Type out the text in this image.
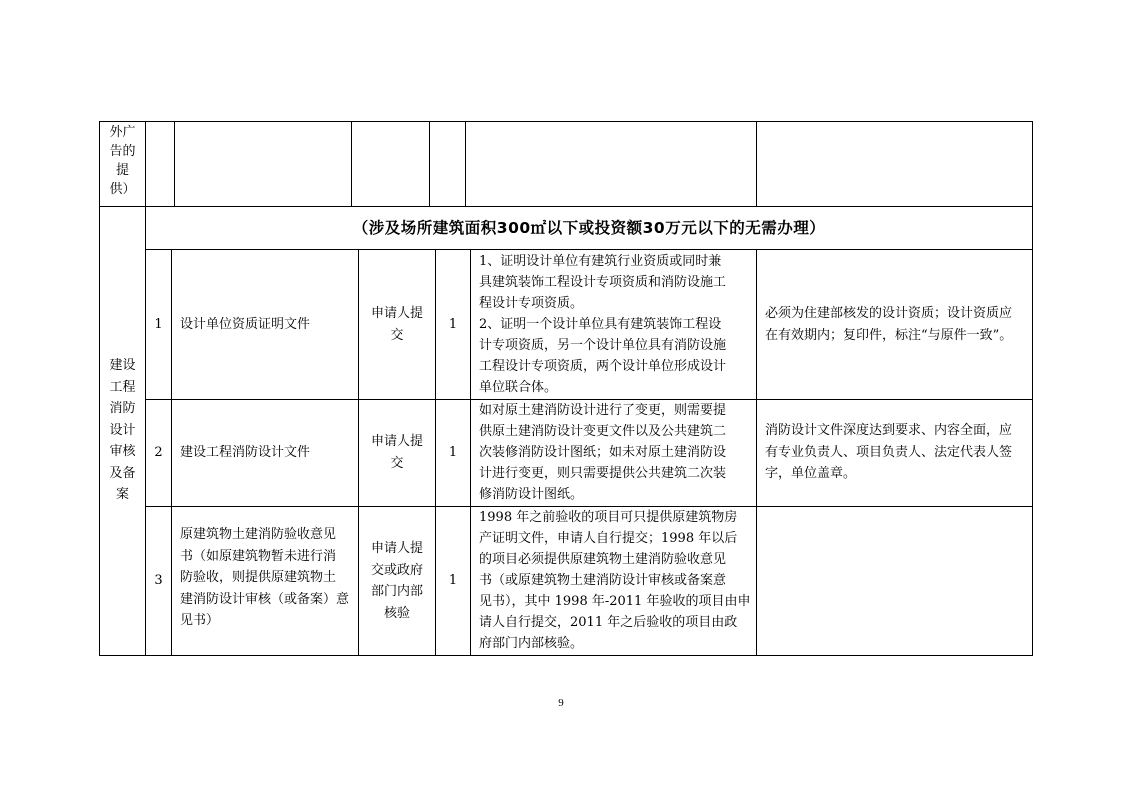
外广
告的
提
供）
建设
工程
消防
设计
审核
及备
案
（涉及场所建筑面积300㎡以下或投资额30万元以下的无需办理）
1	设计单位资质证明文件
申请人提
交
1
1、证明设计单位有建筑行业资质或同时兼
具建筑装饰工程设计专项资质和消防设施工
程设计专项资质。
2、证明一个设计单位具有建筑装饰工程设
计专项资质，另一个设计单位具有消防设施
工程设计专项资质，两个设计单位形成设计
单位联合体。
必须为住建部核发的设计资质；设计资质应
在有效期内；复印件，标注“与原件一致”。
2	建设工程消防设计文件
申请人提
交
1
如对原土建消防设计进行了变更，则需要提
供原土建消防设计变更文件以及公共建筑二
次装修消防设计图纸；如未对原土建消防设
计进行变更，则只需要提供公共建筑二次装
修消防设计图纸。
消防设计文件深度达到要求、内容全面，应
有专业负责人、项目负责人、法定代表人签
字，单位盖章。
3
原建筑物土建消防验收意见
书（如原建筑物暂未进行消
防验收，则提供原建筑物土
建消防设计审核（或备案）意
见书）
申请人提
交或政府
部门内部
核验
1
1998 年之前验收的项目可只提供原建筑物房
产证明文件，申请人自行提交；1998 年以后
的项目必须提供原建筑物土建消防验收意见
书（或原建筑物土建消防设计审核或备案意
见书），其中 1998 年-2011 年验收的项目由申
请人自行提交，2011 年之后验收的项目由政
府部门内部核验。
9
